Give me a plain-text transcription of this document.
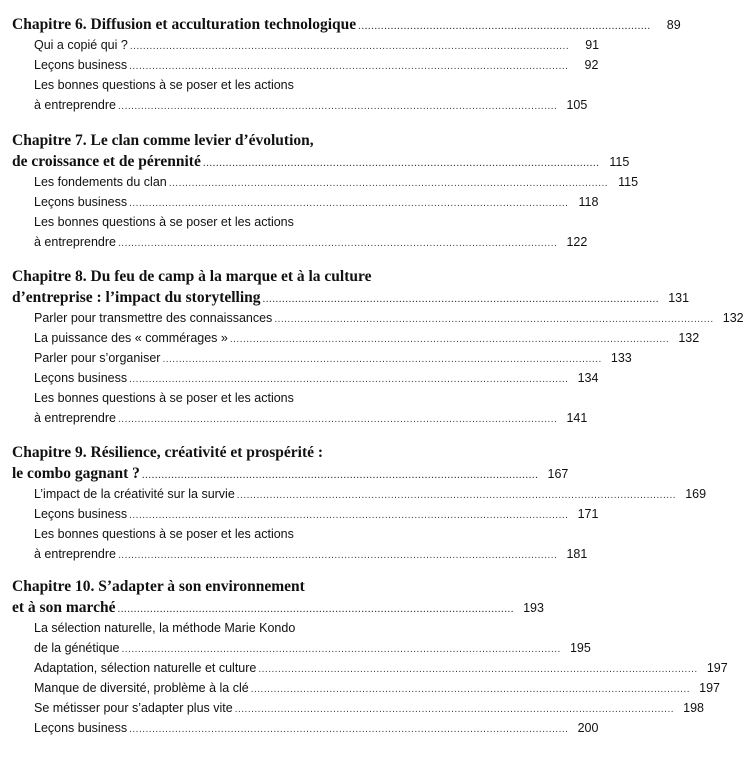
Chapitre 6. Diffusion et acculturation technologique ..........................................................................................	89
Qui a copié qui ? ......................................................................................................................................	91
Leçons business ......................................................................................................................................	92
Les bonnes questions à se poser et les actions
à entreprendre ...................................................................................................................................... 105
Chapitre 7. Le clan comme levier d’évolution,
de croissance et de pérennité .......................................................................................................................... 115
Les fondements du clan ...................................................................................................................................... 115
Leçons business ...................................................................................................................................... 118
Les bonnes questions à se poser et les actions
à entreprendre ...................................................................................................................................... 122
Chapitre 8. Du feu de camp à la marque et à la culture
d’entreprise : l’impact du storytelling .......................................................................................................................... 131
Parler pour transmettre des connaissances ...................................................................................................................................... 132
La puissance des « commérages » ...................................................................................................................................... 132
Parler pour s’organiser ...................................................................................................................................... 133
Leçons business ...................................................................................................................................... 134
Les bonnes questions à se poser et les actions
à entreprendre ...................................................................................................................................... 141
Chapitre 9. Résilience, créativité et prospérité :
le combo gagnant ? .......................................................................................................................... 167
L’impact de la créativité sur la survie ...................................................................................................................................... 169
Leçons business ...................................................................................................................................... 171
Les bonnes questions à se poser et les actions
à entreprendre ...................................................................................................................................... 181
Chapitre 10. S’adapter à son environnement
et à son marché .......................................................................................................................... 193
La sélection naturelle, la méthode Marie Kondo
de la génétique ...................................................................................................................................... 195
Adaptation, sélection naturelle et culture ...................................................................................................................................... 197
Manque de diversité, problème à la clé ...................................................................................................................................... 197
Se métisser pour s’adapter plus vite ...................................................................................................................................... 198
Leçons business ...................................................................................................................................... 200
